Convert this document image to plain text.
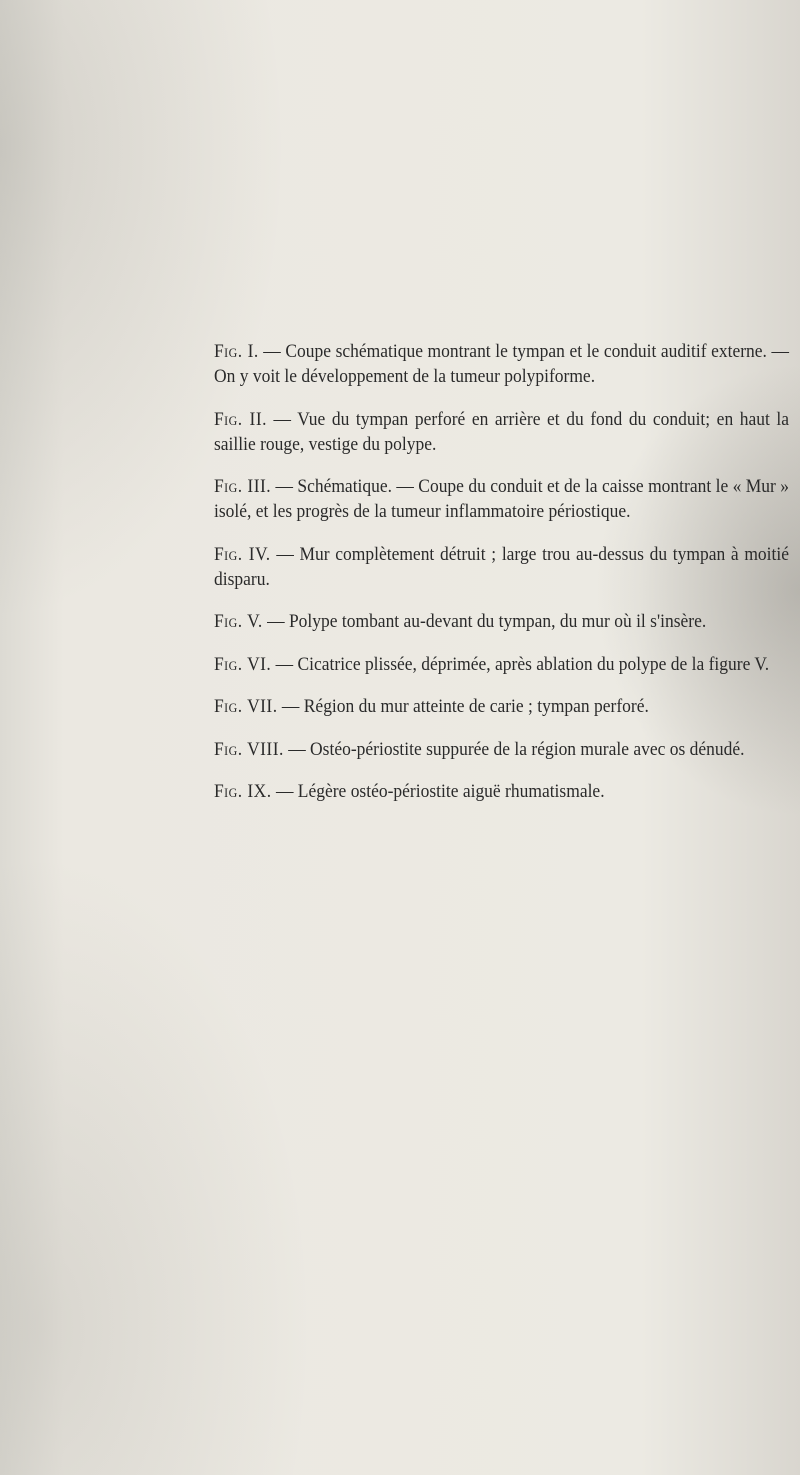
Fig. I. — Coupe schématique montrant le tympan et le conduit auditif externe. — On y voit le développement de la tumeur polypiforme.
Fig. II. — Vue du tympan perforé en arrière et du fond du conduit; en haut la saillie rouge, vestige du polype.
Fig. III. — Schématique. — Coupe du conduit et de la caisse montrant le « Mur » isolé, et les progrès de la tumeur inflammatoire périostique.
Fig. IV. — Mur complètement détruit ; large trou au-dessus du tympan à moitié disparu.
Fig. V. — Polype tombant au-devant du tympan, du mur où il s'insère.
Fig. VI. — Cicatrice plissée, déprimée, après ablation du polype de la figure V.
Fig. VII. — Région du mur atteinte de carie ; tympan perforé.
Fig. VIII. — Ostéo-périostite suppurée de la région murale avec os dénudé.
Fig. IX. — Légère ostéo-périostite aiguë rhumatismale.
